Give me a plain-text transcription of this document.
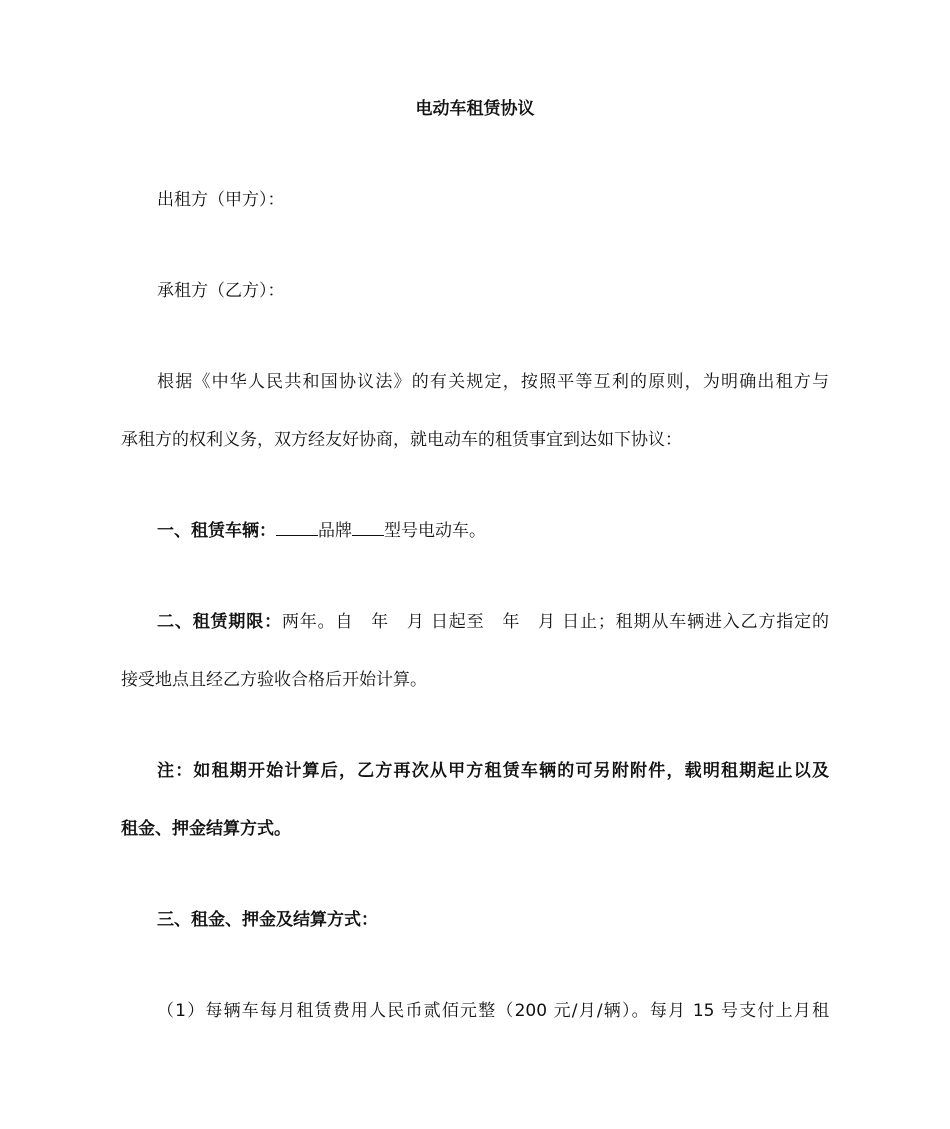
电动车租赁协议
出租方（甲方）：
承租方（乙方）：
根据《中华人民共和国协议法》的有关规定，按照平等互利的原则，为明确出租方与
承租方的权利义务，双方经友好协商，就电动车的租赁事宜到达如下协议：
一、租赁车辆： 品牌 型号电动车。
二、租赁期限：两年。自　年　月 日起至　年　月 日止；租期从车辆进入乙方指定的
接受地点且经乙方验收合格后开始计算。
注：如租期开始计算后，乙方再次从甲方租赁车辆的可另附附件，载明租期起止以及
租金、押金结算方式。
三、租金、押金及结算方式：
（1）每辆车每月租赁费用人民币贰佰元整（200 元/月/辆）。每月 15 号支付上月租
